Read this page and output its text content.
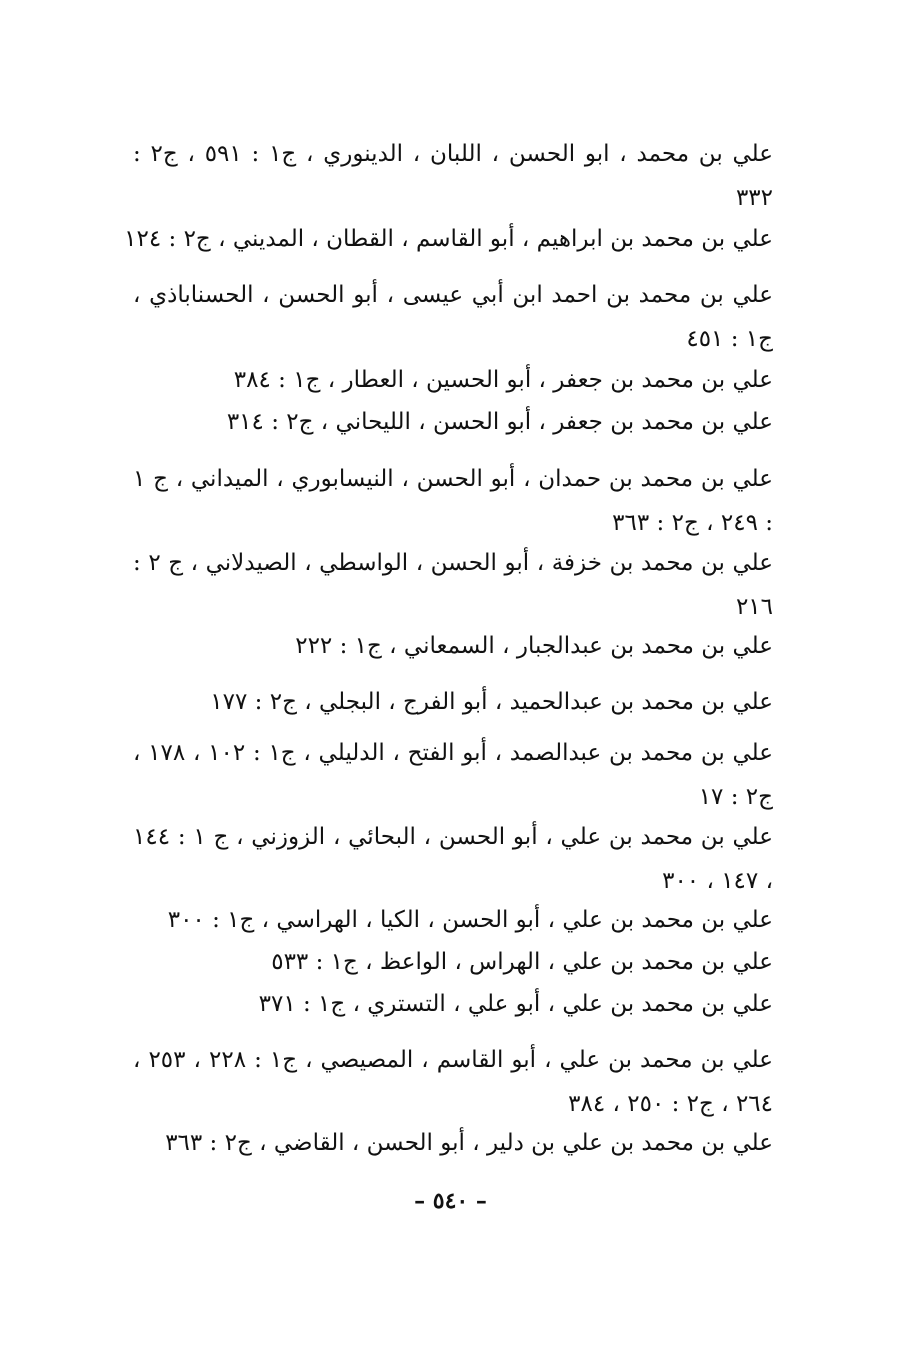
علي بن محمد ، ابو الحسن ، اللبان ، الدينوري ، ج١ : ٥٩١ ، ج٢ : ٣٣٢

علي بن محمد بن ابراهيم ، أبو القاسم ، القطان ، المديني ، ج٢ : ١٢٤

علي بن محمد بن احمد ابن أبي عيسى ، أبو الحسن ، الحسناباذي ، ج١ : ٤٥١

علي بن محمد بن جعفر ، أبو الحسين ، العطار ، ج١ : ٣٨٤

علي بن محمد بن جعفر ، أبو الحسن ، الليحاني ، ج٢ : ٣١٤

علي بن محمد بن حمدان ، أبو الحسن ، النيسابوري ، الميداني ، ج ١ : ٢٤٩ ، ج٢ : ٣٦٣

علي بن محمد بن خزفة ، أبو الحسن ، الواسطي ، الصيدلاني ، ج ٢ : ٢١٦

علي بن محمد بن عبدالجبار ، السمعاني ، ج١ : ٢٢٢

علي بن محمد بن عبدالحميد ، أبو الفرج ، البجلي ، ج٢ : ١٧٧

علي بن محمد بن عبدالصمد ، أبو الفتح ، الدليلي ، ج١ : ١٠٢ ، ١٧٨ ، ج٢ : ١٧

علي بن محمد بن علي ، أبو الحسن ، البحائي ، الزوزني ، ج ١ : ١٤٤ ، ١٤٧ ، ٣٠٠

علي بن محمد بن علي ، أبو الحسن ، الكيا ، الهراسي ، ج١ : ٣٠٠

علي بن محمد بن علي ، الهراس ، الواعظ ، ج١ : ٥٣٣

علي بن محمد بن علي ، أبو علي ، التستري ، ج١ : ٣٧١

علي بن محمد بن علي ، أبو القاسم ، المصيصي ، ج١ : ٢٢٨ ، ٢٥٣ ، ٢٦٤ ، ج٢ : ٢٥٠ ، ٣٨٤

علي بن محمد بن علي بن دلير ، أبو الحسن ، القاضي ، ج٢ : ٣٦٣

– ٥٤٠ –
